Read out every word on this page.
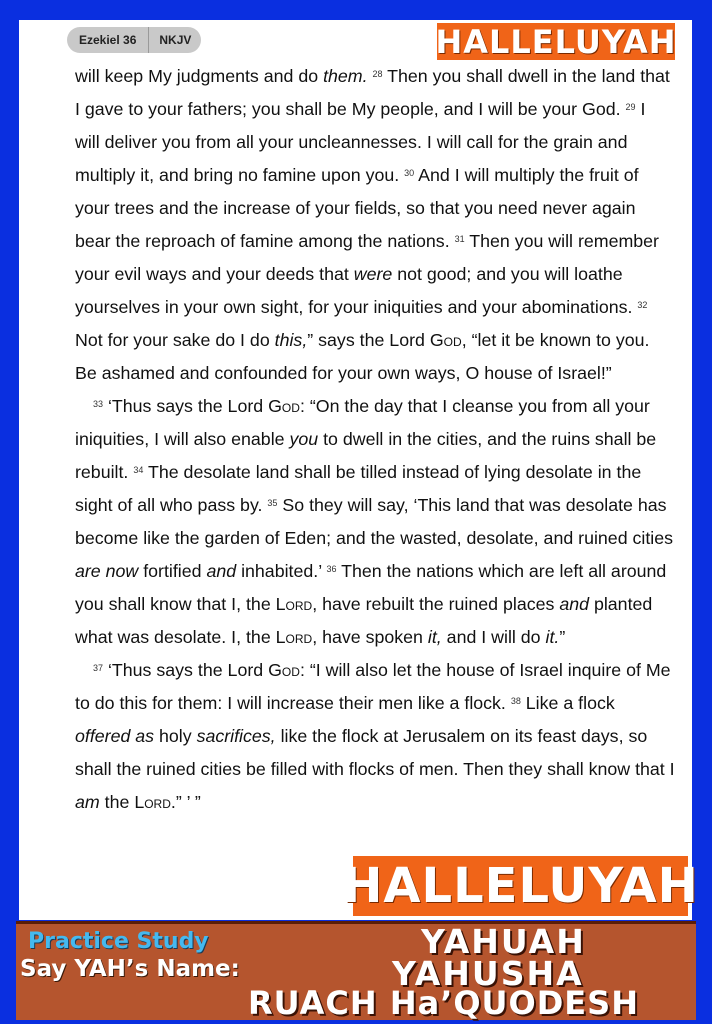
Ezekiel 36	NKJV	HALLELUYAH

will keep My judgments and do them. $^{28}$ Then you shall dwell in the land that I gave to your fathers; you shall be My people, and I will be your God. $^{29}$ I will deliver you from all your uncleannesses. I will call for the grain and multiply it, and bring no famine upon you. $^{30}$ And I will multiply the fruit of your trees and the increase of your fields, so that you need never again bear the reproach of famine among the nations. $^{31}$ Then you will remember your evil ways and your deeds that were not good; and you will loathe yourselves in your own sight, for your iniquities and your abominations. $^{32}$ Not for your sake do I do this,” says the Lord God, “let it be known to you. Be ashamed and confounded for your own ways, O house of Israel!”

$^{33}$ ‘Thus says the Lord God: “On the day that I cleanse you from all your iniquities, I will also enable you to dwell in the cities, and the ruins shall be rebuilt. $^{34}$ The desolate land shall be tilled instead of lying desolate in the sight of all who pass by. $^{35}$ So they will say, ‘This land that was desolate has become like the garden of Eden; and the wasted, desolate, and ruined cities are now fortified and inhabited.’ $^{36}$ Then the nations which are left all around you shall know that I, the Lord, have rebuilt the ruined places and planted what was desolate. I, the Lord, have spoken it, and I will do it.”

$^{37}$ ‘Thus says the Lord God: “I will also let the house of Israel inquire of Me to do this for them: I will increase their men like a flock. $^{38}$ Like a flock offered as holy sacrifices, like the flock at Jerusalem on its feast days, so shall the ruined cities be filled with flocks of men. Then they shall know that I am the Lord.” ’ ”

HALLELUYAH
Practice Study
Say YAH’s Name:
YAHUAH
YAHUSHA
RUACH Ha’QUODESH
